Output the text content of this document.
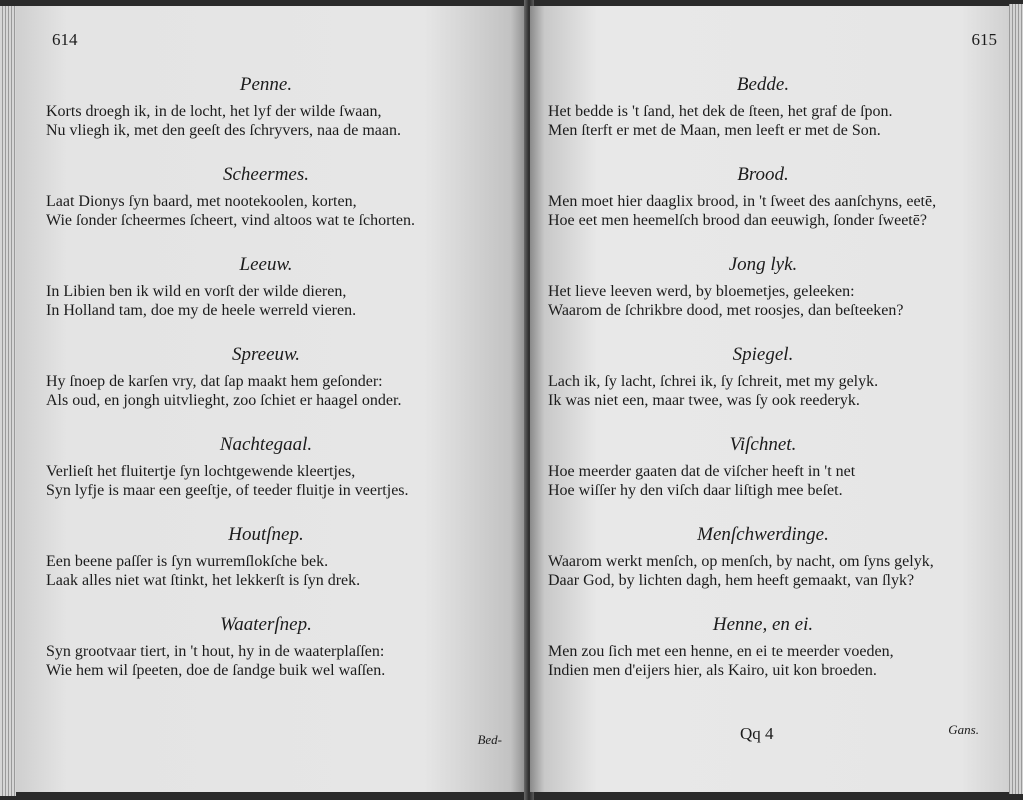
614
Penne.
Korts droegh ik, in de locht, het lyf der wilde ſwaan,
Nu vliegh ik, met den geeſt des ſchryvers, naa de maan.
Scheermes.
Laat Dionys ſyn baard, met nootekoolen, korten,
Wie ſonder ſcheermes ſcheert, vind altoos wat te ſchorten.
Leeuw.
In Libien ben ik wild en vorſt der wilde dieren,
In Holland tam, doe my de heele werreld vieren.
Spreeuw.
Hy ſnoep de karſen vry, dat ſap maakt hem geſonder:
Als oud, en jongh uitvlieght, zoo ſchiet er haagel onder.
Nachtegaal.
Verlieſt het fluitertje ſyn lochtgewende kleertjes,
Syn lyfje is maar een geeſtje, of teeder fluitje in veertjes.
Houtſnep.
Een beene paſſer is ſyn wurremſlokſche bek.
Laak alles niet wat ſtinkt, het lekkerſt is ſyn drek.
Waaterſnep.
Syn grootvaar tiert, in 't hout, hy in de waaterplaſſen:
Wie hem wil ſpeeten, doe de ſandge buik wel waſſen.
Bed-
615
Bedde.
Het bedde is 't ſand, het dek de ſteen, het graf de ſpon.
Men ſterft er met de Maan, men leeft er met de Son.
Brood.
Men moet hier daaglix brood, in 't ſweet des aanſchyns, eetē,
Hoe eet men heemelſch brood dan eeuwigh, ſonder ſweetē?
Jong lyk.
Het lieve leeven werd, by bloemetjes, geleeken:
Waarom de ſchrikbre dood, met roosjes, dan beſteeken?
Spiegel.
Lach ik, ſy lacht, ſchrei ik, ſy ſchreit, met my gelyk.
Ik was niet een, maar twee, was ſy ook reederyk.
Viſchnet.
Hoe meerder gaaten dat de viſcher heeft in 't net
Hoe wiſſer hy den viſch daar liſtigh mee beſet.
Menſchwerdinge.
Waarom werkt menſch, op menſch, by nacht, om ſyns gelyk,
Daar God, by lichten dagh, hem heeft gemaakt, van ſlyk?
Henne, en ei.
Men zou ſich met een henne, en ei te meerder voeden,
Indien men d'eijers hier, als Kairo, uit kon broeden.
Qq 4	Gans.
